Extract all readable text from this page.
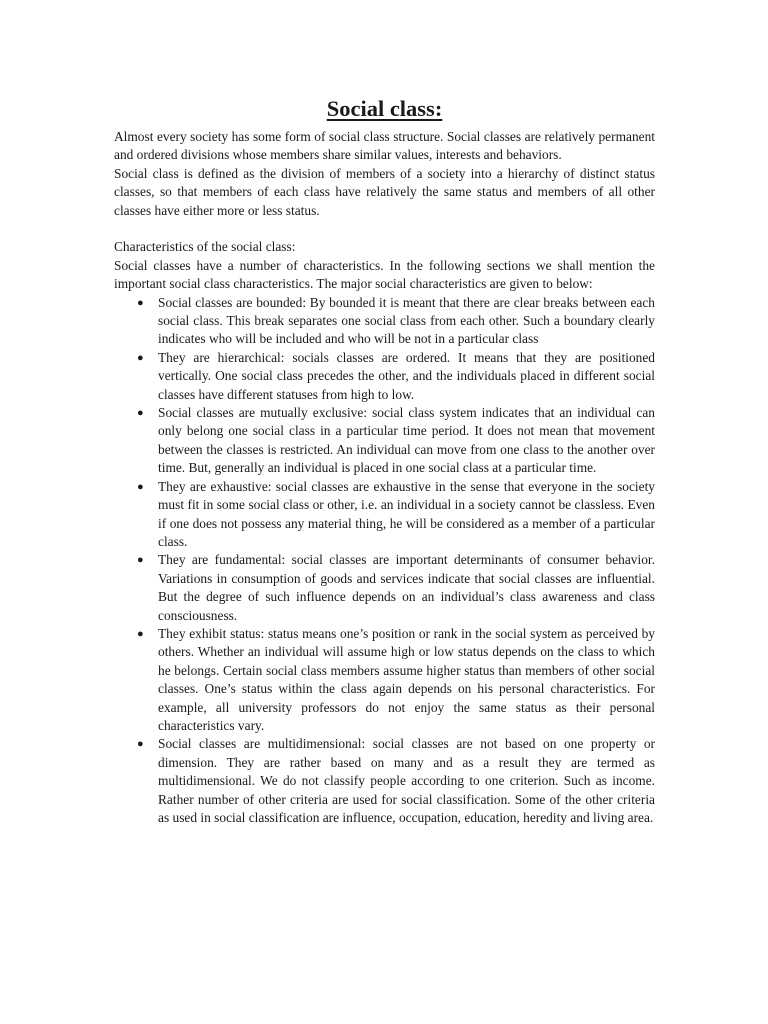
Social class:

Almost every society has some form of social class structure. Social classes are relatively permanent and ordered divisions whose members share similar values, interests and behaviors.

Social class is defined as the division of members of a society into a hierarchy of distinct status classes, so that members of each class have relatively the same status and members of all other classes have either more or less status.

Characteristics of the social class:

Social classes have a number of characteristics. In the following sections we shall mention the important social class characteristics. The major social characteristics are given to below:

● Social classes are bounded: By bounded it is meant that there are clear breaks between each social class. This break separates one social class from each other. Such a boundary clearly indicates who will be included and who will be not in a particular class
● They are hierarchical: socials classes are ordered. It means that they are positioned vertically. One social class precedes the other, and the individuals placed in different social classes have different statuses from high to low.
● Social classes are mutually exclusive: social class system indicates that an individual can only belong one social class in a particular time period. It does not mean that movement between the classes is restricted. An individual can move from one class to the another over time. But, generally an individual is placed in one social class at a particular time.
● They are exhaustive: social classes are exhaustive in the sense that everyone in the society must fit in some social class or other, i.e. an individual in a society cannot be classless. Even if one does not possess any material thing, he will be considered as a member of a particular class.
● They are fundamental: social classes are important determinants of consumer behavior. Variations in consumption of goods and services indicate that social classes are influential. But the degree of such influence depends on an individual’s class awareness and class consciousness.
● They exhibit status: status means one’s position or rank in the social system as perceived by others. Whether an individual will assume high or low status depends on the class to which he belongs. Certain social class members assume higher status than members of other social classes. One’s status within the class again depends on his personal characteristics. For example, all university professors do not enjoy the same status as their personal characteristics vary.
● Social classes are multidimensional: social classes are not based on one property or dimension. They are rather based on many and as a result they are termed as multidimensional. We do not classify people according to one criterion. Such as income. Rather number of other criteria are used for social classification. Some of the other criteria as used in social classification are influence, occupation, education, heredity and living area.
